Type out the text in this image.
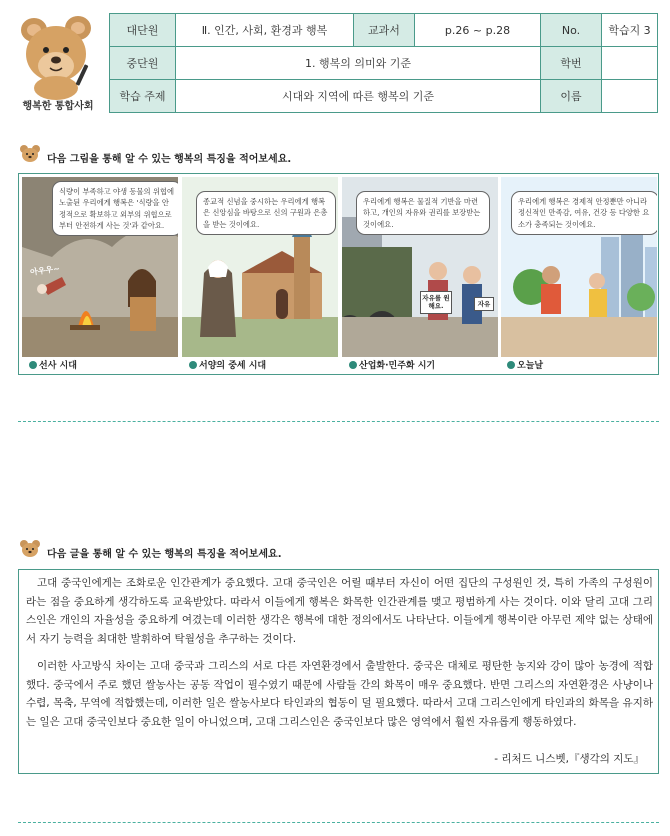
행복한 통합사회
대단원	Ⅱ. 인간, 사회, 환경과 행복	교과서	p.26 ~ p.28	No.	학습지 3
중단원	1. 행복의 의미와 기준			학번	
학습 주제	시대와 지역에 따른 행복의 기준			이름	
다음 그림을 통해 알 수 있는 행복의 특징을 적어보세요.
식량이 부족하고 야생 동물의 위협에 노출된 우리에게 행복은 '식량을 안정적으로 확보하고 외부의 위협으로부터 안전하게 사는 것'과 같아요.
아우우~
종교적 신념을 중시하는 우리에게 행복은 신앙심을 바탕으로 신의 구원과 은총을 받는 것이에요.
우리에게 행복은 물질적 기반을 마련하고, 개인의 자유와 권리를 보장받는 것이에요.
자유를 원해요.	자유
우리에게 행복은 경제적 안정뿐만 아니라 정신적인 만족감, 여유, 건강 등 다양한 요소가 충족되는 것이에요.
선사 시대	서양의 중세 시대	산업화·민주화 시기	오늘날
다음 글을 통해 알 수 있는 행복의 특징을 적어보세요.
　고대 중국인에게는 조화로운 인간관계가 중요했다. 고대 중국인은 어릴 때부터 자신이 어떤 집단의 구성원인 것, 특히 가족의 구성원이라는 점을 중요하게 생각하도록 교육받았다. 따라서 이들에게 행복은 화목한 인간관계를 맺고 평범하게 사는 것이다. 이와 달리 고대 그리스인은 개인의 자율성을 중요하게 여겼는데 이러한 생각은 행복에 대한 정의에서도 나타난다. 이들에게 행복이란 아무런 제약 없는 상태에서 자기 능력을 최대한 발휘하여 탁월성을 추구하는 것이다.
　이러한 사고방식 차이는 고대 중국과 그리스의 서로 다른 자연환경에서 출발한다. 중국은 대체로 평탄한 농지와 강이 많아 농경에 적합했다. 중국에서 주로 했던 쌀농사는 공동 작업이 필수였기 때문에 사람들 간의 화목이 매우 중요했다. 반면 그리스의 자연환경은 사냥이나 수렵, 목축, 무역에 적합했는데, 이러한 일은 쌀농사보다 타인과의 협동이 덜 필요했다. 따라서 고대 그리스인에게 타인과의 화목을 유지하는 일은 고대 중국인보다 중요한 일이 아니었으며, 고대 그리스인은 중국인보다 많은 영역에서 훨씬 자유롭게 행동하였다.
- 리처드 니스벳,『생각의 지도』
